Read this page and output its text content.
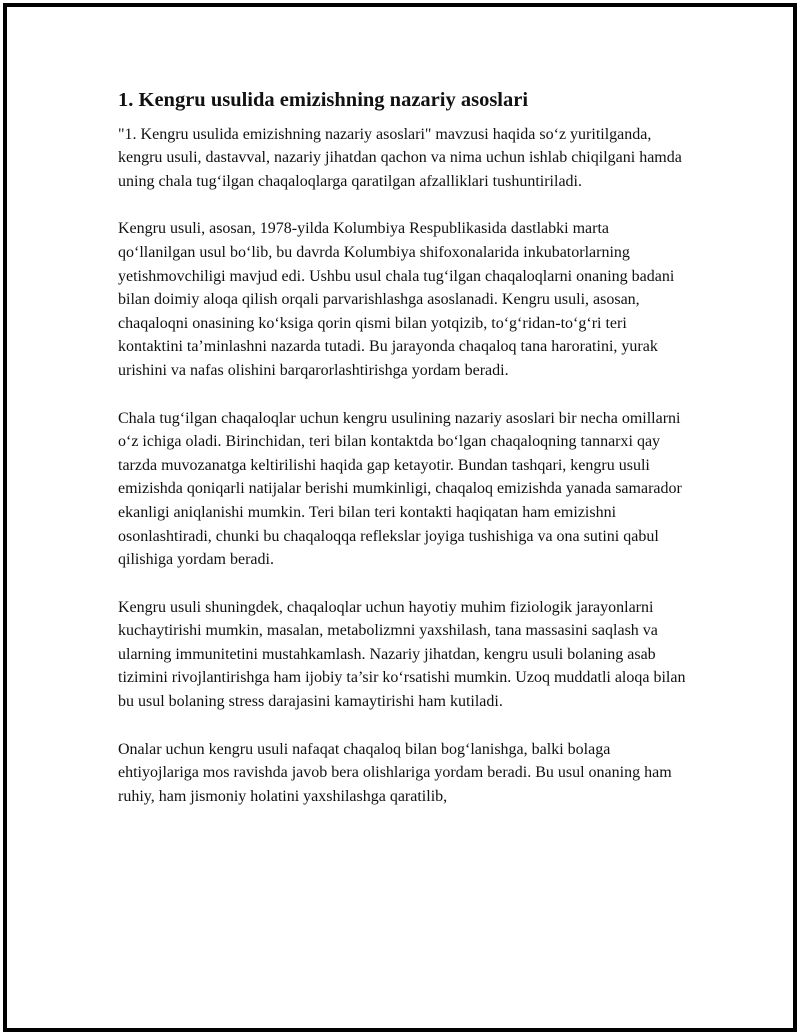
1. Kengru usulida emizishning nazariy asoslari

"1. Kengru usulida emizishning nazariy asoslari" mavzusi haqida so‘z yuritilganda, kengru usuli, dastavval, nazariy jihatdan qachon va nima uchun ishlab chiqilgani hamda uning chala tug‘ilgan chaqaloqlarga qaratilgan afzalliklari tushuntiriladi.

Kengru usuli, asosan, 1978-yilda Kolumbiya Respublikasida dastlabki marta qo‘llanilgan usul bo‘lib, bu davrda Kolumbiya shifoxonalarida inkubatorlarning yetishmovchiligi mavjud edi. Ushbu usul chala tug‘ilgan chaqaloqlarni onaning badani bilan doimiy aloqa qilish orqali parvarishlashga asoslanadi. Kengru usuli, asosan, chaqaloqni onasining ko‘ksiga qorin qismi bilan yotqizib, to‘g‘ridan-to‘g‘ri teri kontaktini ta’minlashni nazarda tutadi. Bu jarayonda chaqaloq tana haroratini, yurak urishini va nafas olishini barqarorlashtirishga yordam beradi.

Chala tug‘ilgan chaqaloqlar uchun kengru usulining nazariy asoslari bir necha omillarni o‘z ichiga oladi. Birinchidan, teri bilan kontaktda bo‘lgan chaqaloqning tannarxi qay tarzda muvozanatga keltirilishi haqida gap ketayotir. Bundan tashqari, kengru usuli emizishda qoniqarli natijalar berishi mumkinligi, chaqaloq emizishda yanada samarador ekanligi aniqlanishi mumkin. Teri bilan teri kontakti haqiqatan ham emizishni osonlashtiradi, chunki bu chaqaloqqa reflekslar joyiga tushishiga va ona sutini qabul qilishiga yordam beradi.

Kengru usuli shuningdek, chaqaloqlar uchun hayotiy muhim fiziologik jarayonlarni kuchaytirishi mumkin, masalan, metabolizmni yaxshilash, tana massasini saqlash va ularning immunitetini mustahkamlash. Nazariy jihatdan, kengru usuli bolaning asab tizimini rivojlantirishga ham ijobiy ta’sir ko‘rsatishi mumkin. Uzoq muddatli aloqa bilan bu usul bolaning stress darajasini kamaytirishi ham kutiladi.

Onalar uchun kengru usuli nafaqat chaqaloq bilan bog‘lanishga, balki bolaga ehtiyojlariga mos ravishda javob bera olishlariga yordam beradi. Bu usul onaning ham ruhiy, ham jismoniy holatini yaxshilashga qaratilib,
